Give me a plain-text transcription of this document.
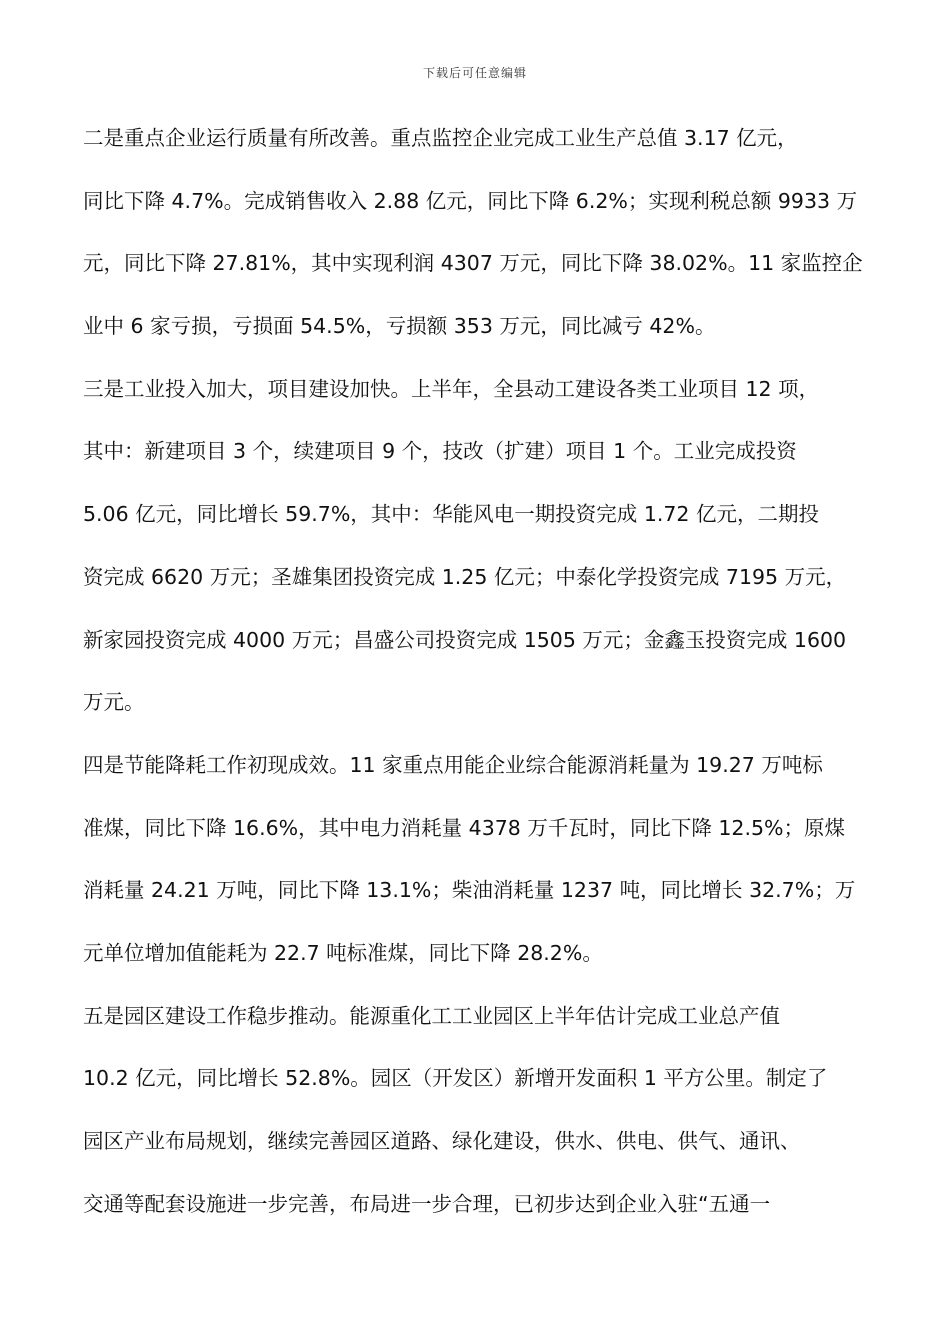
下载后可任意编辑
二是重点企业运行质量有所改善。重点监控企业完成工业生产总值 3.17 亿元，
同比下降 4.7%。完成销售收入 2.88 亿元，同比下降 6.2%；实现利税总额 9933 万
元，同比下降 27.81%，其中实现利润 4307 万元，同比下降 38.02%。11 家监控企
业中 6 家亏损，亏损面 54.5%，亏损额 353 万元，同比减亏 42%。
三是工业投入加大，项目建设加快。上半年，全县动工建设各类工业项目 12 项，
其中：新建项目 3 个，续建项目 9 个，技改（扩建）项目 1 个。工业完成投资
5.06 亿元，同比增长 59.7%，其中：华能风电一期投资完成 1.72 亿元，二期投
资完成 6620 万元；圣雄集团投资完成 1.25 亿元；中泰化学投资完成 7195 万元，
新家园投资完成 4000 万元；昌盛公司投资完成 1505 万元；金鑫玉投资完成 1600
万元。
四是节能降耗工作初现成效。11 家重点用能企业综合能源消耗量为 19.27 万吨标
准煤，同比下降 16.6%，其中电力消耗量 4378 万千瓦时，同比下降 12.5%；原煤
消耗量 24.21 万吨，同比下降 13.1%；柴油消耗量 1237 吨，同比增长 32.7%；万
元单位增加值能耗为 22.7 吨标准煤，同比下降 28.2%。
五是园区建设工作稳步推动。能源重化工工业园区上半年估计完成工业总产值
10.2 亿元，同比增长 52.8%。园区（开发区）新增开发面积 1 平方公里。制定了
园区产业布局规划，继续完善园区道路、绿化建设，供水、供电、供气、通讯、
交通等配套设施进一步完善，布局进一步合理，已初步达到企业入驻“五通一
